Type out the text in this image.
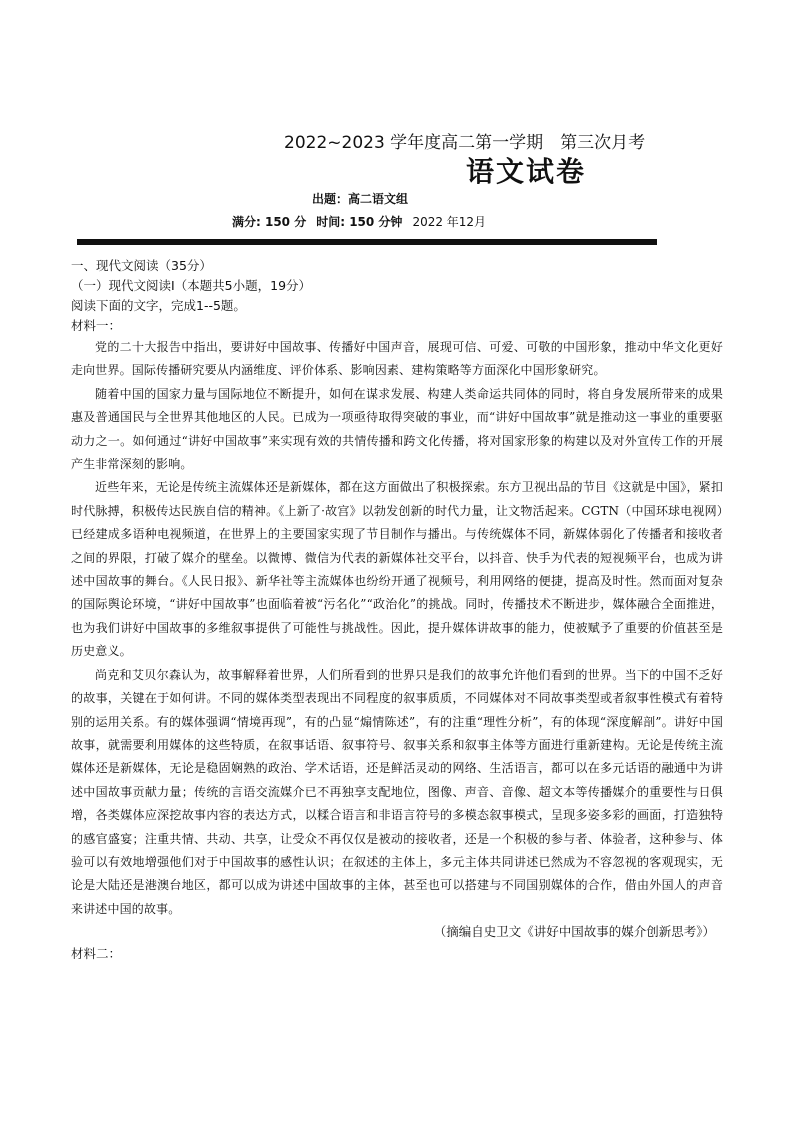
2022~2023 学年度高二第一学期　第三次月考
语文试卷
出题：高二语文组
满分: 150 分 时间: 150 分钟 2022 年12月

一、现代文阅读（35分）

（一）现代文阅读Ⅰ（本题共5小题，19分）

阅读下面的文字，完成1--5题。

材料一：

党的二十大报告中指出，要讲好中国故事、传播好中国声音，展现可信、可爱、可敬的中国形象，推动中华文化更好走向世界。国际传播研究要从内涵维度、评价体系、影响因素、建构策略等方面深化中国形象研究。

随着中国的国家力量与国际地位不断提升，如何在谋求发展、构建人类命运共同体的同时，将自身发展所带来的成果惠及普通国民与全世界其他地区的人民。已成为一项亟待取得突破的事业，而“讲好中国故事”就是推动这一事业的重要驱动力之一。如何通过“讲好中国故事”来实现有效的共情传播和跨文化传播，将对国家形象的构建以及对外宣传工作的开展产生非常深刻的影响。

近些年来，无论是传统主流媒体还是新媒体，都在这方面做出了积极探索。东方卫视出品的节目《这就是中国》，紧扣时代脉搏，积极传达民族自信的精神。《上新了·故宫》以勃发创新的时代力量，让文物活起来。CGTN（中国环球电视网）已经建成多语种电视频道，在世界上的主要国家实现了节目制作与播出。与传统媒体不同，新媒体弱化了传播者和接收者之间的界限，打破了媒介的壁垒。以微博、微信为代表的新媒体社交平台，以抖音、快手为代表的短视频平台，也成为讲述中国故事的舞台。《人民日报》、新华社等主流媒体也纷纷开通了视频号，利用网络的便捷，提高及时性。然而面对复杂的国际舆论环境，“讲好中国故事”也面临着被“污名化”“政治化”的挑战。同时，传播技术不断进步，媒体融合全面推进，也为我们讲好中国故事的多维叙事提供了可能性与挑战性。因此，提升媒体讲故事的能力，使被赋予了重要的价值甚至是历史意义。

尚克和艾贝尔森认为，故事解释着世界，人们所看到的世界只是我们的故事允许他们看到的世界。当下的中国不乏好的故事，关键在于如何讲。不同的媒体类型表现出不同程度的叙事质质，不同媒体对不同故事类型或者叙事性模式有着特别的运用关系。有的媒体强调“情境再现”，有的凸显“煽情陈述”，有的注重“理性分析”，有的体现“深度解剖”。讲好中国故事，就需要利用媒体的这些特质，在叙事话语、叙事符号、叙事关系和叙事主体等方面进行重新建构。无论是传统主流媒体还是新媒体，无论是稳固娴熟的政治、学术话语，还是鲜活灵动的网络、生活语言，都可以在多元话语的融通中为讲述中国故事贡献力量；传统的言语交流媒介已不再独享支配地位，图像、声音、音像、超文本等传播媒介的重要性与日俱增，各类媒体应深挖故事内容的表达方式，以糅合语言和非语言符号的多模态叙事模式，呈现多姿多彩的画面，打造独特的感官盛宴；注重共情、共动、共享，让受众不再仅仅是被动的接收者，还是一个积极的参与者、体验者，这种参与、体验可以有效地增强他们对于中国故事的感性认识；在叙述的主体上，多元主体共同讲述已然成为不容忽视的客观现实，无论是大陆还是港澳台地区，都可以成为讲述中国故事的主体，甚至也可以搭建与不同国别媒体的合作，借由外国人的声音来讲述中国的故事。

（摘编自史卫文《讲好中国故事的媒介创新思考》）

材料二：
